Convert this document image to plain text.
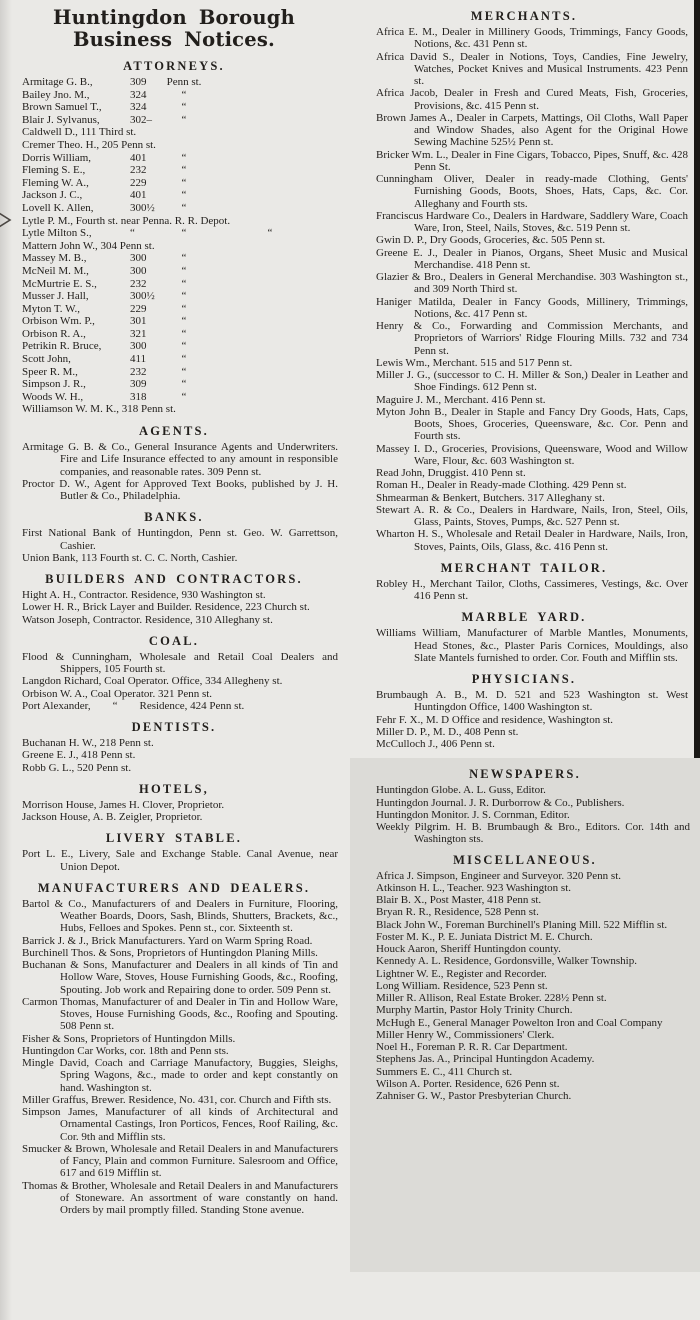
Huntingdon Borough Business Notices.
ATTORNEYS.
Armitage G. B.,	309	Penn st.
Bailey Jno. M.,	324	“
Brown Samuel T.,	324	“
Blair J. Sylvanus,	302–	“
Caldwell D., 111 Third st.
Cremer Theo. H., 205 Penn st.
Dorris William,	401	“
Fleming S. E.,	232	“
Fleming W. A.,	229	“
Jackson J. C.,	401	“
Lovell K. Allen,	300½	“
Lytle P. M., Fourth st. near Penna. R. R. Depot.
Lytle Milton S.,	“	“	“
Mattern John W., 304 Penn st.
Massey M. B.,	300	“
McNeil M. M.,	300	“
McMurtrie E. S.,	232	“
Musser J. Hall,	300½	“
Myton T. W.,	229	“
Orbison Wm. P.,	301	“
Orbison R. A.,	321	“
Petrikin R. Bruce,	300	“
Scott John,	411	“
Speer R. M.,	232	“
Simpson J. R.,	309	“
Woods W. H.,	318	“
Williamson W. M. K., 318 Penn st.
AGENTS.
Armitage G. B. & Co., General Insurance Agents and Underwriters. Fire and Life Insurance effected to any amount in responsible companies, and reasonable rates. 309 Penn st.
Proctor D. W., Agent for Approved Text Books, published by J. H. Butler & Co., Philadelphia.
BANKS.
First National Bank of Huntingdon, Penn st. Geo. W. Garrettson, Cashier.
Union Bank, 113 Fourth st. C. C. North, Cashier.
BUILDERS AND CONTRACTORS.
Hight A. H., Contractor. Residence, 930 Washington st.
Lower H. R., Brick Layer and Builder. Residence, 223 Church st.
Watson Joseph, Contractor. Residence, 310 Alleghany st.
COAL.
Flood & Cunningham, Wholesale and Retail Coal Dealers and Shippers, 105 Fourth st.
Langdon Richard, Coal Operator. Office, 334 Allegheny st.
Orbison W. A., Coal Operator. 321 Penn st.
Port Alexander,  “  Residence, 424 Penn st.
DENTISTS.
Buchanan H. W., 218 Penn st.
Greene E. J., 418 Penn st.
Robb G. L., 520 Penn st.
HOTELS,
Morrison House, James H. Clover, Proprietor.
Jackson House, A. B. Zeigler, Proprietor.
LIVERY STABLE.
Port L. E., Livery, Sale and Exchange Stable. Canal Avenue, near Union Depot.
MANUFACTURERS AND DEALERS.
Bartol & Co., Manufacturers of and Dealers in Furniture, Flooring, Weather Boards, Doors, Sash, Blinds, Shutters, Brackets, &c., Hubs, Felloes and Spokes. Penn st., cor. Sixteenth st.
Barrick J. & J., Brick Manufacturers. Yard on Warm Spring Road.
Burchinell Thos. & Sons, Proprietors of Huntingdon Planing Mills.
Buchanan & Sons, Manufacturer and Dealers in all kinds of Tin and Hollow Ware, Stoves, House Furnishing Goods, &c., Roofing, Spouting. Job work and Repairing done to order. 509 Penn st.
Carmon Thomas, Manufacturer of and Dealer in Tin and Hollow Ware, Stoves, House Furnishing Goods, &c., Roofing and Spouting. 508 Penn st.
Fisher & Sons, Proprietors of Huntingdon Mills.
Huntingdon Car Works, cor. 18th and Penn sts.
Mingle David, Coach and Carriage Manufactory, Buggies, Sleighs, Spring Wagons, &c., made to order and kept constantly on hand. Washington st.
Miller Graffus, Brewer. Residence, No. 431, cor. Church and Fifth sts.
Simpson James, Manufacturer of all kinds of Architectural and Ornamental Castings, Iron Porticos, Fences, Roof Railing, &c. Cor. 9th and Mifflin sts.
Smucker & Brown, Wholesale and Retail Dealers in and Manufacturers of Fancy, Plain and common Furniture. Salesroom and Office, 617 and 619 Mifflin st.
Thomas & Brother, Wholesale and Retail Dealers in and Manufacturers of Stoneware. An assortment of ware constantly on hand. Orders by mail promptly filled. Standing Stone avenue.
MERCHANTS.
Africa E. M., Dealer in Millinery Goods, Trimmings, Fancy Goods, Notions, &c. 431 Penn st.
Africa David S., Dealer in Notions, Toys, Candies, Fine Jewelry, Watches, Pocket Knives and Musical Instruments. 423 Penn st.
Africa Jacob, Dealer in Fresh and Cured Meats, Fish, Groceries, Provisions, &c. 415 Penn st.
Brown James A., Dealer in Carpets, Mattings, Oil Cloths, Wall Paper and Window Shades, also Agent for the Original Howe Sewing Machine 525½ Penn st.
Bricker Wm. L., Dealer in Fine Cigars, Tobacco, Pipes, Snuff, &c. 428 Penn St.
Cunningham Oliver, Dealer in ready-made Clothing, Gents' Furnishing Goods, Boots, Shoes, Hats, Caps, &c. Cor. Alleghany and Fourth sts.
Franciscus Hardware Co., Dealers in Hardware, Saddlery Ware, Coach Ware, Iron, Steel, Nails, Stoves, &c. 519 Penn st.
Gwin D. P., Dry Goods, Groceries, &c. 505 Penn st.
Greene E. J., Dealer in Pianos, Organs, Sheet Music and Musical Merchandise. 418 Penn st.
Glazier & Bro., Dealers in General Merchandise. 303 Washington st., and 309 North Third st.
Haniger Matilda, Dealer in Fancy Goods, Millinery, Trimmings, Notions, &c. 417 Penn st.
Henry & Co., Forwarding and Commission Merchants, and Proprietors of Warriors' Ridge Flouring Mills. 732 and 734 Penn st.
Lewis Wm., Merchant. 515 and 517 Penn st.
Miller J. G., (successor to C. H. Miller & Son,) Dealer in Leather and Shoe Findings. 612 Penn st.
Maguire J. M., Merchant. 416 Penn st.
Myton John B., Dealer in Staple and Fancy Dry Goods, Hats, Caps, Boots, Shoes, Groceries, Queensware, &c. Cor. Penn and Fourth sts.
Massey I. D., Groceries, Provisions, Queensware, Wood and Willow Ware, Flour, &c. 603 Washington st.
Read John, Druggist. 410 Penn st.
Roman H., Dealer in Ready-made Clothing. 429 Penn st.
Shmearman & Benkert, Butchers. 317 Alleghany st.
Stewart A. R. & Co., Dealers in Hardware, Nails, Iron, Steel, Oils, Glass, Paints, Stoves, Pumps, &c. 527 Penn st.
Wharton H. S., Wholesale and Retail Dealer in Hardware, Nails, Iron, Stoves, Paints, Oils, Glass, &c. 416 Penn st.
MERCHANT TAILOR.
Robley H., Merchant Tailor, Cloths, Cassimeres, Vestings, &c. Over 416 Penn st.
MARBLE YARD.
Williams William, Manufacturer of Marble Mantles, Monuments, Head Stones, &c., Plaster Paris Cornices, Mouldings, also Slate Mantels furnished to order. Cor. Fouth and Mifflin sts.
PHYSICIANS.
Brumbaugh A. B., M. D. 521 and 523 Washington st. West Huntingdon Office, 1400 Washington st.
Fehr F. X., M. D Office and residence, Washington st.
Miller D. P., M. D., 408 Penn st.
McCulloch J., 406 Penn st.
NEWSPAPERS.
Huntingdon Globe. A. L. Guss, Editor.
Huntingdon Journal. J. R. Durborrow & Co., Publishers.
Huntingdon Monitor. J. S. Cornman, Editor.
Weekly Pilgrim. H. B. Brumbaugh & Bro., Editors. Cor. 14th and Washington sts.
MISCELLANEOUS.
Africa J. Simpson, Engineer and Surveyor. 320 Penn st.
Atkinson H. L., Teacher. 923 Washington st.
Blair B. X., Post Master, 418 Penn st.
Bryan R. R., Residence, 528 Penn st.
Black John W., Foreman Burchinell's Planing Mill. 522 Mifflin st.
Foster M. K., P. E. Juniata District M. E. Church.
Houck Aaron, Sheriff Huntingdon county.
Kennedy A. L. Residence, Gordonsville, Walker Township.
Lightner W. E., Register and Recorder.
Long William. Residence, 523 Penn st.
Miller R. Allison, Real Estate Broker. 228½ Penn st.
Murphy Martin, Pastor Holy Trinity Church.
McHugh E., General Manager Powelton Iron and Coal Company
Miller Henry W., Commissioners' Clerk.
Noel H., Foreman P. R. R. Car Department.
Stephens Jas. A., Principal Huntingdon Academy.
Summers E. C., 411 Church st.
Wilson A. Porter. Residence, 626 Penn st.
Zahniser G. W., Pastor Presbyterian Church.
